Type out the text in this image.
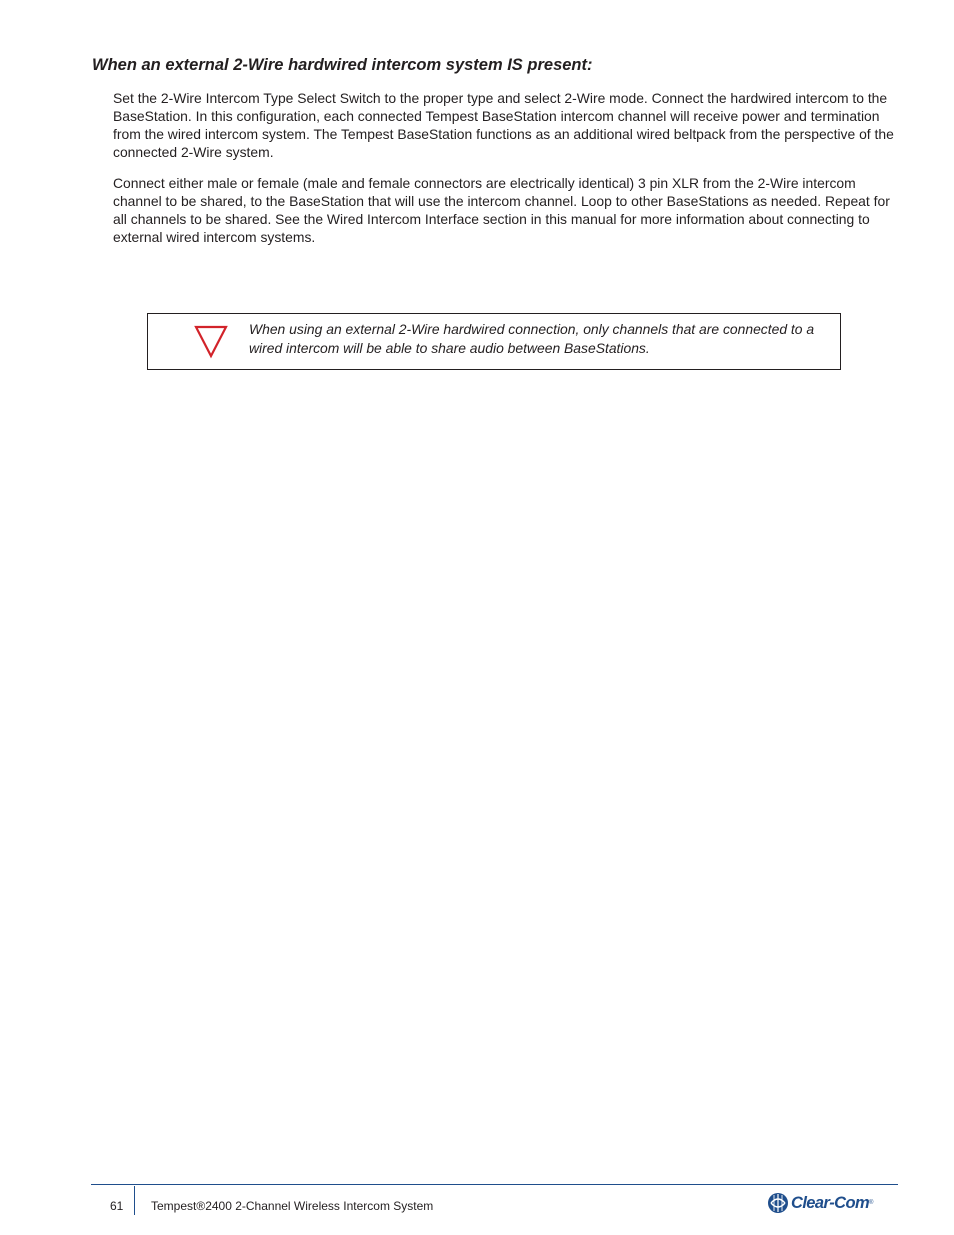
When an external 2-Wire hardwired intercom system IS present:

Set the 2-Wire Intercom Type Select Switch to the proper type and select 2-Wire mode. Connect the hardwired intercom to the BaseStation. In this configuration, each connected Tempest BaseStation intercom channel will receive power and termination from the wired intercom system. The Tempest BaseStation functions as an additional wired beltpack from the perspective of the connected 2-Wire system.

Connect either male or female (male and female connectors are electrically identical) 3 pin XLR from the 2-Wire intercom channel to be shared, to the BaseStation that will use the intercom channel. Loop to other BaseStations as needed. Repeat for all channels to be shared. See the Wired Intercom Interface section in this manual for more information about connecting to external wired intercom systems.

When using an external 2-Wire hardwired connection, only channels that are connected to a wired intercom will be able to share audio between BaseStations.

61 Tempest®2400 2-Channel Wireless Intercom System	Clear-Com ®
